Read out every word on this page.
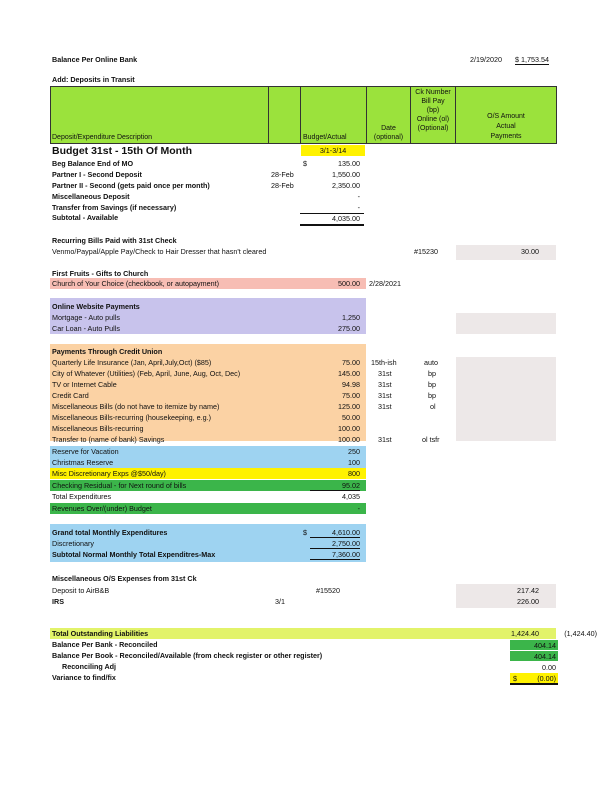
Balance Per Online Bank	2/19/2020 $ 1,753.54
Add: Deposits in Transit
Deposit/Expenditure Description	Budget/Actual
Date
(optional)
Ck Number
Bill Pay
(bp)
Online (ol)
(Optional)
O/S Amount
Actual
Payments
Budget 31st - 15th Of Month	3/1-3/14
Beg Balance End of MO	$	135.00
Partner I - Second Deposit	28-Feb	1,550.00
Partner II - Second (gets paid once per month)	28-Feb	2,350.00
Miscellaneous Deposit	-
Transfer from Savings (if necessary)	-
Subtotal - Available	4,035.00
Recurring Bills Paid with 31st Check
Venmo/Paypal/Apple Pay/Check to Hair Dresser that hasn't cleared	#15230	30.00
First Fruits - Gifts to Church
Church of Your Choice (checkbook, or autopayment)	500.00 2/28/2021
Online Website Payments
Mortgage - Auto pulls	1,250
Car Loan - Auto Pulls	275.00
Payments Through Credit Union
Quarterly Life Insurance (Jan, April,July,Oct) ($85)	75.00 15th-ish	auto
City of Whatever (Utilities) (Feb, April, June, Aug, Oct, Dec)	145.00	31st	bp
TV or Internet Cable	94.98	31st	bp
Credit Card	75.00	31st	bp
Miscellaneous Bills (do not have to itemize by name)	125.00	31st	ol
Miscellaneous Bills-recurring (housekeeping, e.g.)	50.00
Miscellaneous Bills-recurring	100.00
Transfer to (name of bank) Savings	100.00	31st	ol tsfr
Reserve for Vacation	250
Christmas Reserve	100
Misc Discretionary Exps @$50/day)	800
Checking Residual - for Next round of bills	95.02
Total Expenditures	4,035
Revenues Over/(under) Budget	-
Grand total Monthly Expenditures	$	4,610.00
Discretionary	2,750.00
Subtotal Normal Monthly Total Expenditres-Max	7,360.00
Miscellaneous O/S Expenses from 31st Ck
Deposit to AirB&B	#15520	217.42
IRS	3/1	226.00
Total Outstanding Liabilities	1,424.40	(1,424.40)
Balance Per Bank - Reconciled	404.14
Balance Per Book - Reconciled/Available (from check register or other register)	404.14
Reconciling Adj	0.00
Variance to find/fix	$	(0.00)
